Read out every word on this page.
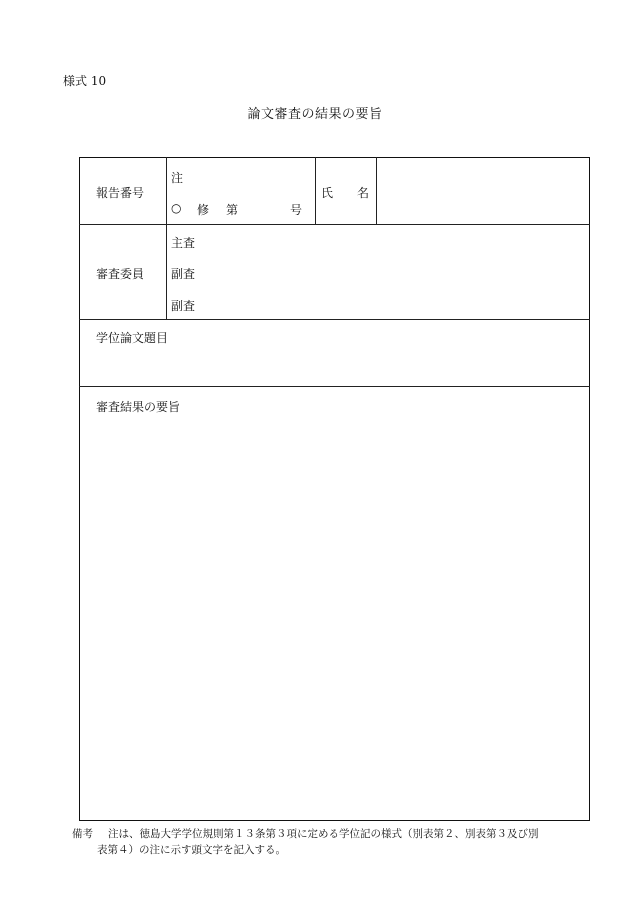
様式 10
論文審査の結果の要旨
報告番号
注
○ 修 第	号
氏 名
審査委員
主査
副査
副査
学位論文題目
審査結果の要旨
備考 注は、徳島大学学位規則第１３条第３項に定める学位記の様式（別表第２、別表第３及び別
表第４）の注に示す頭文字を記入する。
